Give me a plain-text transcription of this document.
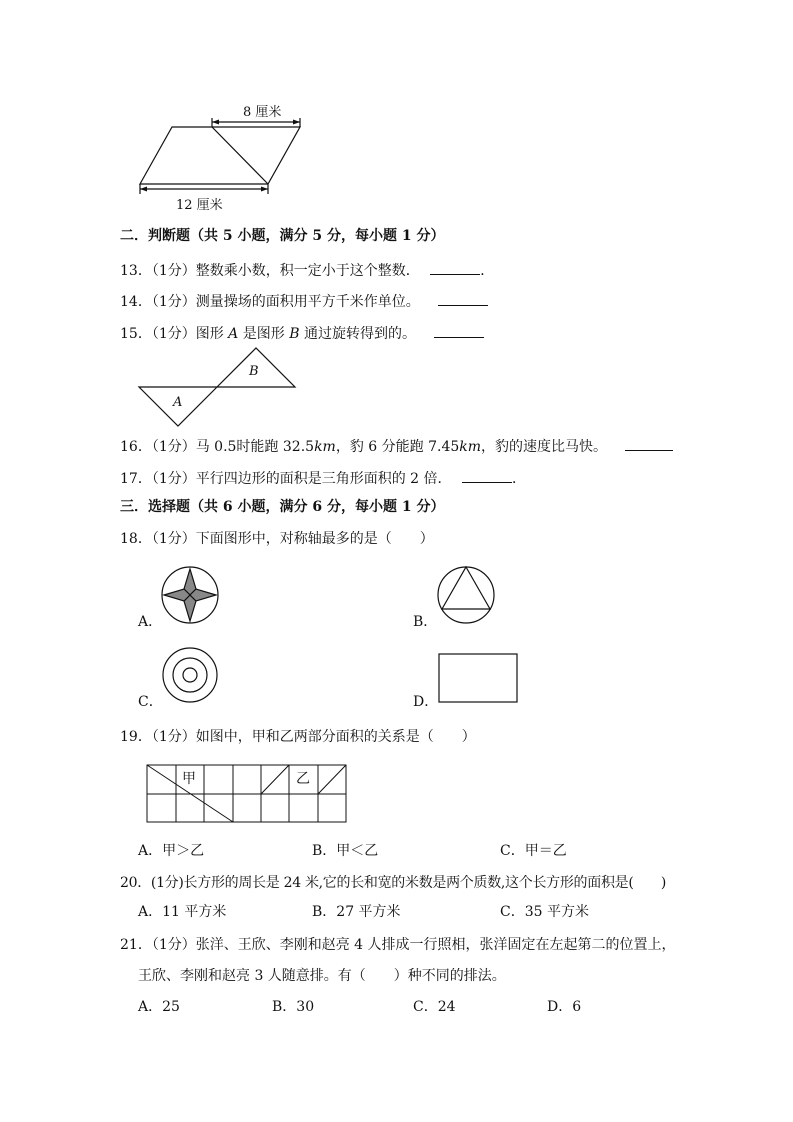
8 厘米
12 厘米
二．判断题（共 5 小题，满分 5 分，每小题 1 分）
13．（1分）整数乘小数，积一定小于这个整数．	．
14．（1分）测量操场的面积用平方千米作单位。
15．（1分）图形 A 是图形 B 通过旋转得到的。
B
A
16．（1分）马 0.5时能跑 32.5km，豹 6 分能跑 7.45km，豹的速度比马快。
17．（1分）平行四边形的面积是三角形面积的 2 倍．	．
三．选择题（共 6 小题，满分 6 分，每小题 1 分）
18．（1分）下面图形中，对称轴最多的是（　　）
A．	B．
C．	D．
19．（1分）如图中，甲和乙两部分面积的关系是（　　）
甲	乙
A．甲＞乙	B．甲＜乙	C．甲＝乙
20．(1分)长方形的周长是 24 米,它的长和宽的米数是两个质数,这个长方形的面积是(　　)
A．11 平方米	B．27 平方米	C．35 平方米
21．（1分）张洋、王欣、李刚和赵亮 4 人排成一行照相，张洋固定在左起第二的位置上，
王欣、李刚和赵亮 3 人随意排。有（　　）种不同的排法。
A．25	B．30	C．24	D．6
